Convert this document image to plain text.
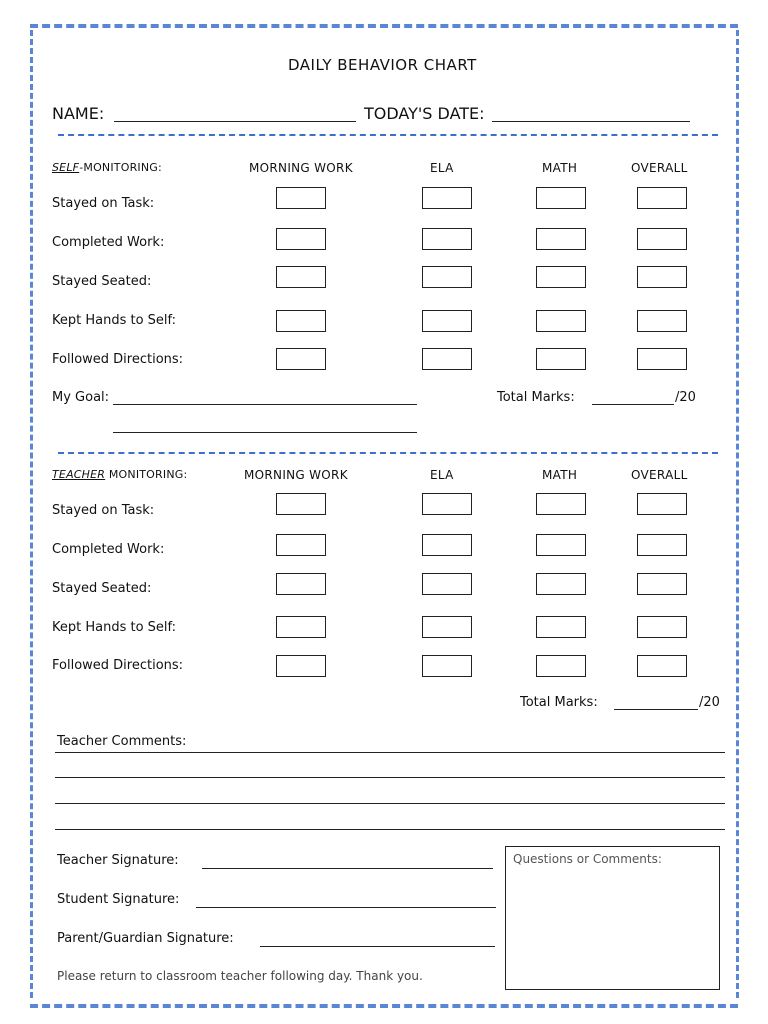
DAILY BEHAVIOR CHART
NAME:	TODAY'S DATE:
SELF-MONITORING:	MORNING WORK	ELA	MATH	OVERALL
Stayed on Task:
Completed Work:
Stayed Seated:
Kept Hands to Self:
Followed Directions:
My Goal:	Total Marks:	/20
TEACHER MONITORING:	MORNING WORK	ELA	MATH	OVERALL
Stayed on Task:
Completed Work:
Stayed Seated:
Kept Hands to Self:
Followed Directions:
Total Marks:	/20
Teacher Comments:
Teacher Signature:
Student Signature:
Parent/Guardian Signature:
Questions or Comments:
Please return to classroom teacher following day. Thank you.
